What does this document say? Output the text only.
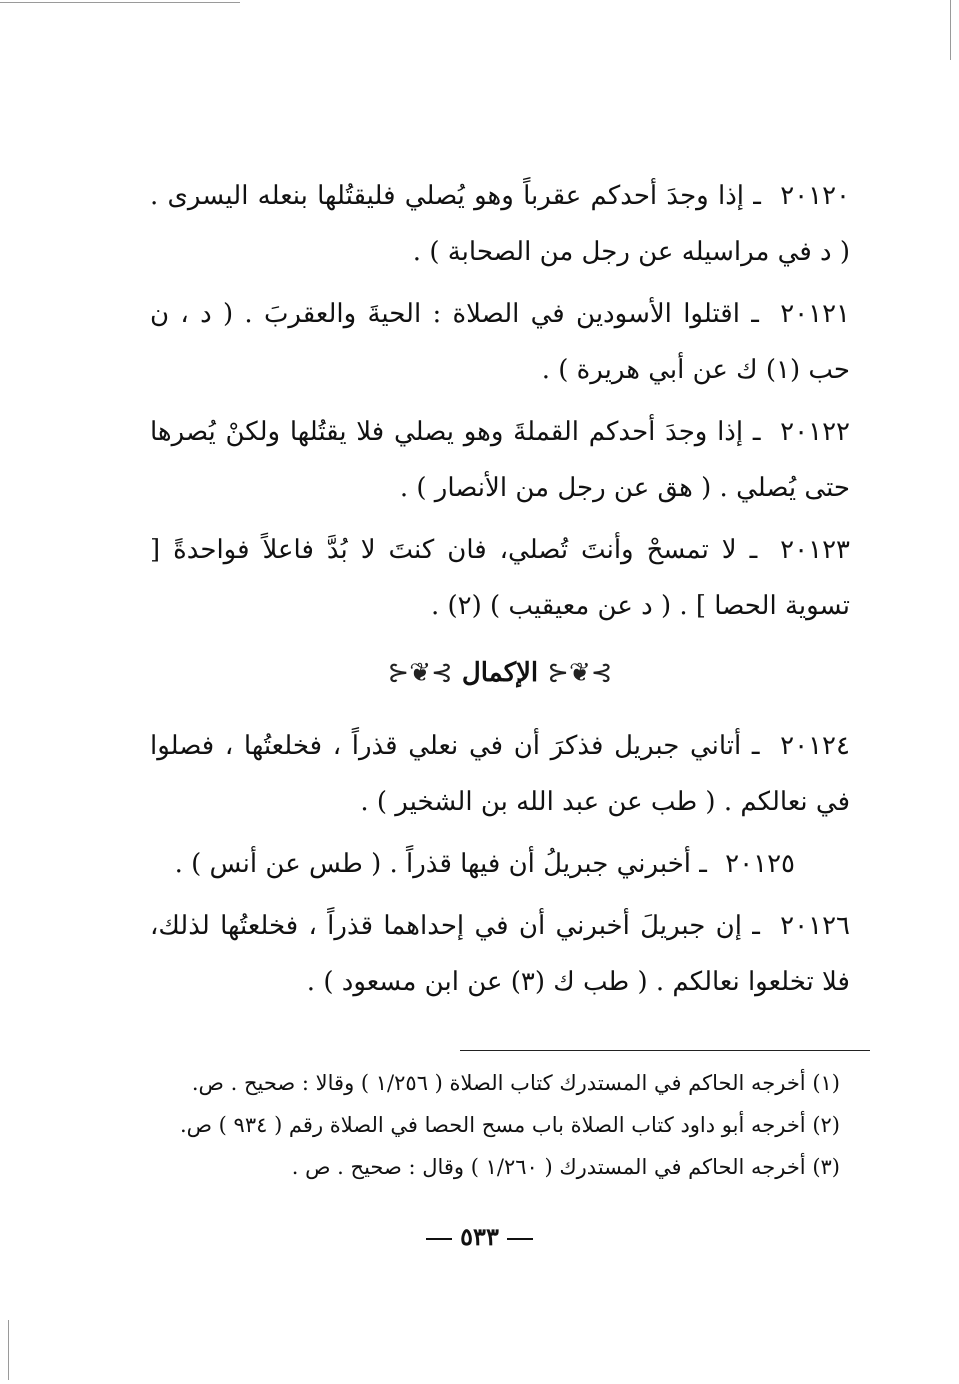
٢٠١٢٠ ـ إذا وجدَ أحدكم عقرباً وهو يُصلي فليقتُلها بنعله اليسرى . ( د في مراسيله عن رجل من الصحابة ) .

٢٠١٢١ ـ اقتلوا الأسودين في الصلاة : الحيةَ والعقربَ . ( د ، ن حب (١) ك عن أبي هريرة ) .

٢٠١٢٢ ـ إذا وجدَ أحدكم القملةَ وهو يصلي فلا يقتُلها ولكنْ يُصرها حتى يُصلي . ( هق عن رجل من الأنصار ) .

٢٠١٢٣ ـ لا تمسحْ وأنتَ تُصلي، فان كنتَ لا بُدَّ فاعلاً فواحدةً [ تسوية الحصا ] . ( د عن معيقيب ) (٢) .

⊱❦⊰ الإكمال ⊱❦⊰

٢٠١٢٤ ـ أتاني جبريل فذكرَ أن في نعلي قذراً ، فخلعتُها ، فصلوا في نعالكم . ( طب عن عبد الله بن الشخير ) .

٢٠١٢٥ ـ أخبرني جبريلُ أن فيها قذراً . ( طس عن أنس ) .

٢٠١٢٦ ـ إن جبريلَ أخبرني أن في إحداهما قذراً ، فخلعتُها لذلك، فلا تخلعوا نعالكم . ( طب ك (٣) عن ابن مسعود ) .

(١) أخرجه الحاكم في المستدرك كتاب الصلاة ( ١/٢٥٦ ) وقالا : صحيح . ص.

(٢) أخرجه أبو داود كتاب الصلاة باب مسح الحصا في الصلاة رقم ( ٩٣٤ ) ص.

(٣) أخرجه الحاكم في المستدرك ( ١/٢٦٠ ) وقال : صحيح . ص .

٥٣٣
